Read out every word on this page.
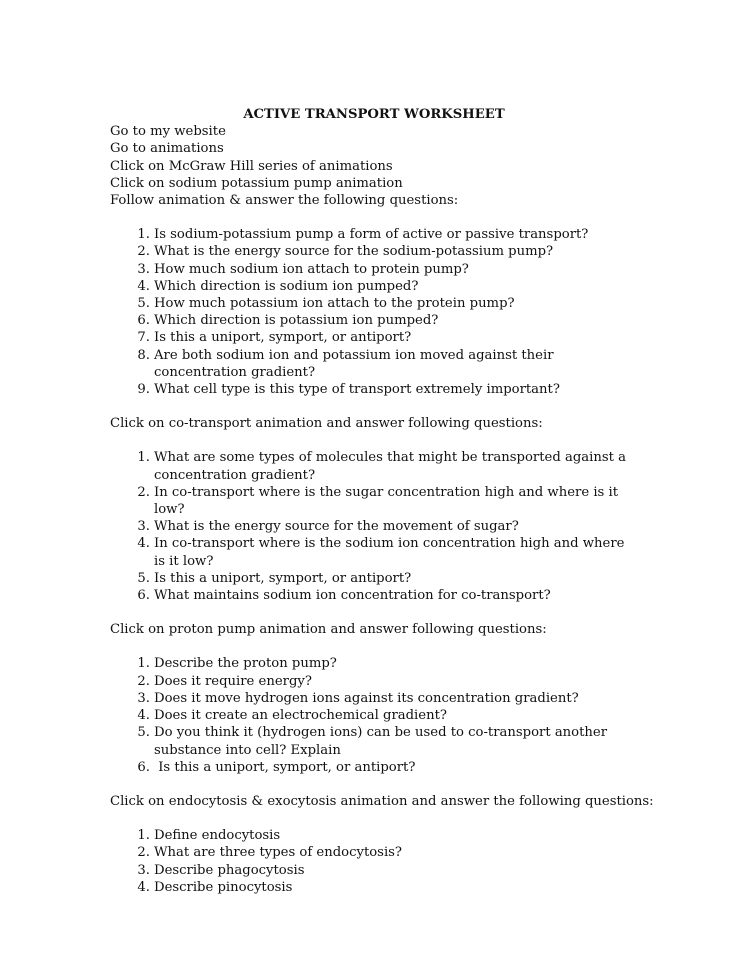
ACTIVE TRANSPORT WORKSHEET

Go to my website

Go to animations

Click on McGraw Hill series of animations

Click on sodium potassium pump animation

Follow animation & answer the following questions:

1. Is sodium-potassium pump a form of active or passive transport?
2. What is the energy source for the sodium-potassium pump?
3. How much sodium ion attach to protein pump?
4. Which direction is sodium ion pumped?
5. How much potassium ion attach to the protein pump?
6. Which direction is potassium ion pumped?
7. Is this a uniport, symport, or antiport?
8. Are both sodium ion and potassium ion moved against their concentration gradient?
9. What cell type is this type of transport extremely important?

Click on co-transport animation and answer following questions:

1. What are some types of molecules that might be transported against a concentration gradient?
2. In co-transport where is the sugar concentration high and where is it low?
3. What is the energy source for the movement of sugar?
4. In co-transport where is the sodium ion concentration high and where is it low?
5. Is this a uniport, symport, or antiport?
6. What maintains sodium ion concentration for co-transport?

Click on proton pump animation and answer following questions:

1. Describe the proton pump?
2. Does it require energy?
3. Does it move hydrogen ions against its concentration gradient?
4. Does it create an electrochemical gradient?
5. Do you think it (hydrogen ions) can be used to co-transport another substance into cell? Explain
6. Is this a uniport, symport, or antiport?

Click on endocytosis & exocytosis animation and answer the following questions:

1. Define endocytosis
2. What are three types of endocytosis?
3. Describe phagocytosis
4. Describe pinocytosis
